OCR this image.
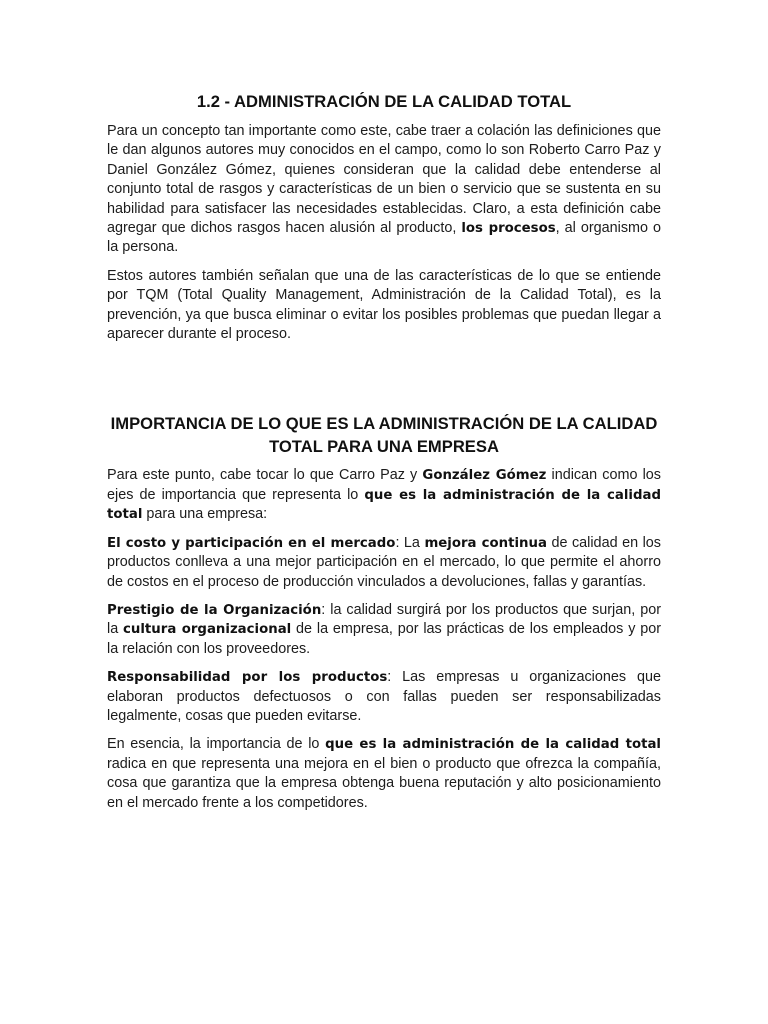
1.2 - ADMINISTRACIÓN DE LA CALIDAD TOTAL

Para un concepto tan importante como este, cabe traer a colación las definiciones que le dan algunos autores muy conocidos en el campo, como lo son Roberto Carro Paz y Daniel González Gómez, quienes consideran que la calidad debe entenderse al conjunto total de rasgos y características de un bien o servicio que se sustenta en su habilidad para satisfacer las necesidades establecidas. Claro, a esta definición cabe agregar que dichos rasgos hacen alusión al producto, los procesos, al organismo o la persona.

Estos autores también señalan que una de las características de lo que se entiende por TQM (Total Quality Management, Administración de la Calidad Total), es la prevención, ya que busca eliminar o evitar los posibles problemas que puedan llegar a aparecer durante el proceso.

IMPORTANCIA DE LO QUE ES LA ADMINISTRACIÓN DE LA CALIDAD TOTAL PARA UNA EMPRESA

Para este punto, cabe tocar lo que Carro Paz y González Gómez indican como los ejes de importancia que representa lo que es la administración de la calidad total para una empresa:

El costo y participación en el mercado: La mejora continua de calidad en los productos conlleva a una mejor participación en el mercado, lo que permite el ahorro de costos en el proceso de producción vinculados a devoluciones, fallas y garantías.

Prestigio de la Organización: la calidad surgirá por los productos que surjan, por la cultura organizacional de la empresa, por las prácticas de los empleados y por la relación con los proveedores.

Responsabilidad por los productos: Las empresas u organizaciones que elaboran productos defectuosos o con fallas pueden ser responsabilizadas legalmente, cosas que pueden evitarse.

En esencia, la importancia de lo que es la administración de la calidad total radica en que representa una mejora en el bien o producto que ofrezca la compañía, cosa que garantiza que la empresa obtenga buena reputación y alto posicionamiento en el mercado frente a los competidores.
